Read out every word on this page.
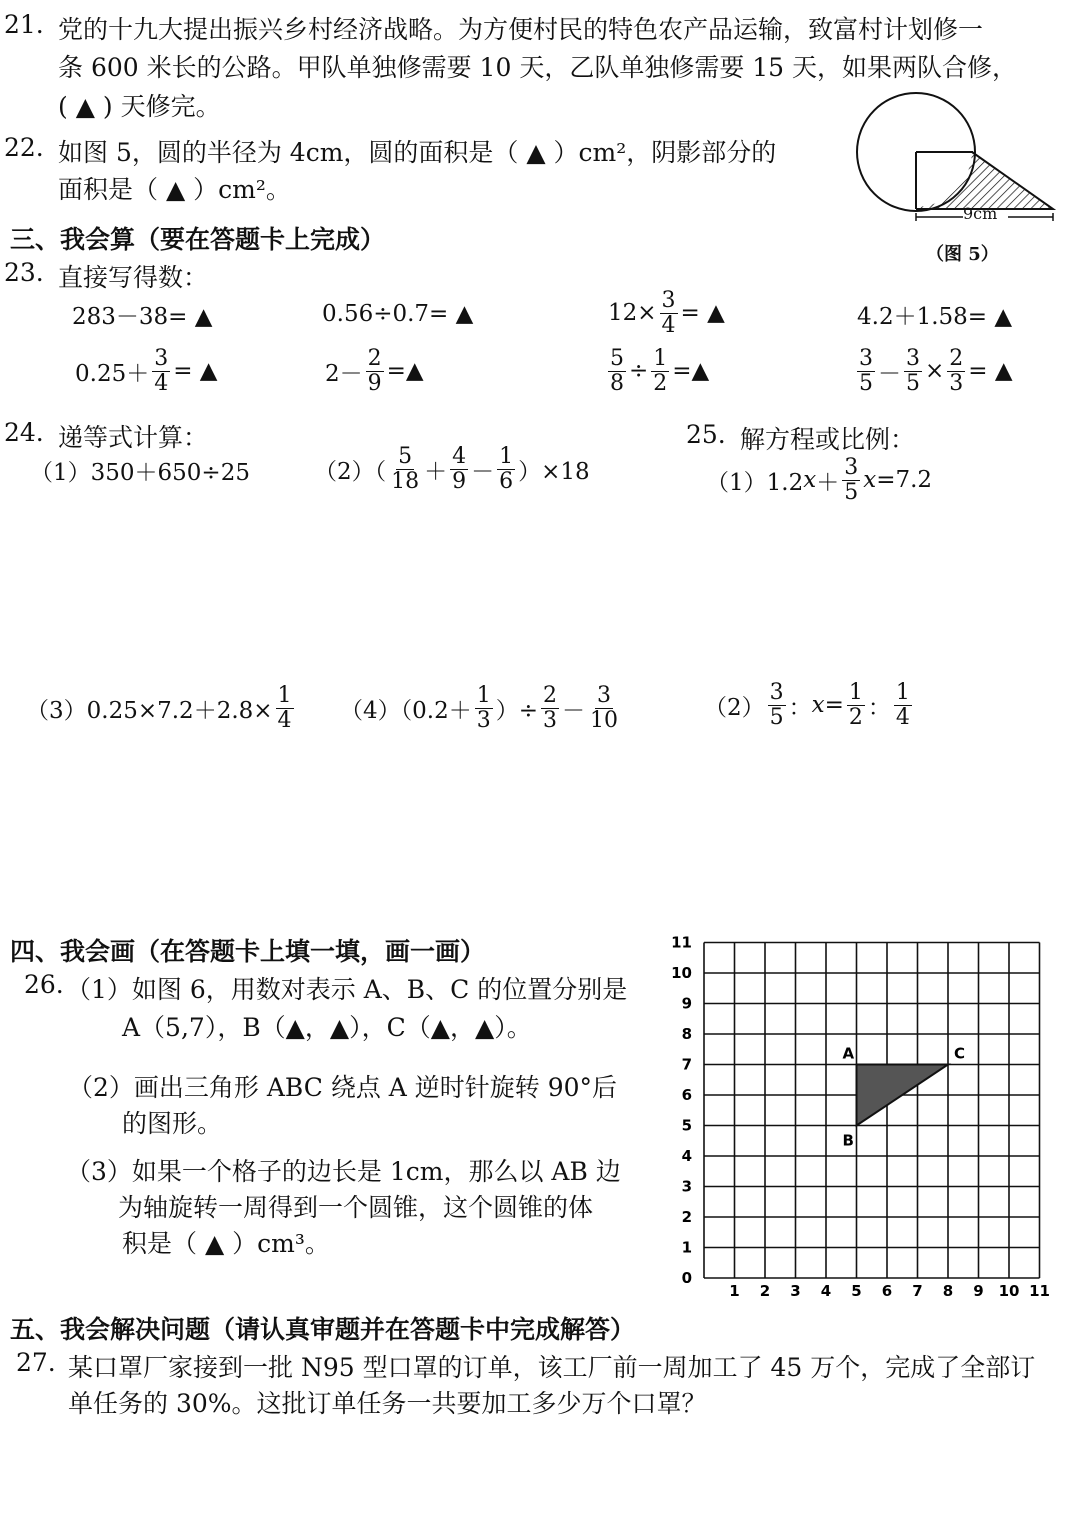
21. 党的十九大提出振兴乡村经济战略。为方便村民的特色农产品运输，致富村计划修一
条 600 米长的公路。甲队单独修需要 10 天，乙队单独修需要 15 天，如果两队合修，
( ▲ ) 天修完。
22. 如图 5，圆的半径为 4cm，圆的面积是（ ▲ ）cm²，阴影部分的
面积是（ ▲ ）cm²。
9cm
（图 5）
三、我会算（要在答题卡上完成）
23. 直接写得数：
283－38= ▲	0.56÷0.7= ▲	$12\times \frac{3}{4}$ = ▲	4.2＋1.58= ▲
$0.25+ \frac{3}{4}$ = ▲	$2- \frac{2}{9}$ =▲	$\frac{5}{8} \div \frac{1}{2}$ =▲	$\frac{3}{5} - \frac{3}{5} \times \frac{2}{3}$ = ▲
24. 递等式计算：
（1）350＋650÷25	$(2)( \frac{5}{18} + \frac{4}{9} - \frac{1}{6} )\times 18$
$(3)0.25\times 7.2+2.8\times \frac{1}{4} (4)(0.2+ \frac{1}{3}$ ）÷ $\frac{2}{3} - \frac{3}{10}$
25. 解方程或比例：
（1）1.2 $x + \frac{3}{5}$ x =7.2
$(2) \frac{3}{5}$ ： $x = \frac{1}{2}$ ： $\frac{1}{4}$
四、我会画（在答题卡上填一填，画一画）
26. （1）如图 6，用数对表示 A、B、C 的位置分别是
A（5,7），B（▲，▲），C（▲，▲）。
（2）画出三角形 ABC 绕点 A 逆时针旋转 90°后
的图形。
（3）如果一个格子的边长是 1cm，那么以 AB 边
为轴旋转一周得到一个圆锥，这个圆锥的体
积是（ ▲ ）cm³。
1 2 3 4 5 6 7 8 9 10 11
0
1
2
3
4
5
6
7
8
9
10
11
A
B
C
五、我会解决问题（请认真审题并在答题卡中完成解答）
27. 某口罩厂家接到一批 N95 型口罩的订单，该工厂前一周加工了 45 万个，完成了全部订
单任务的 30%。这批订单任务一共要加工多少万个口罩？
